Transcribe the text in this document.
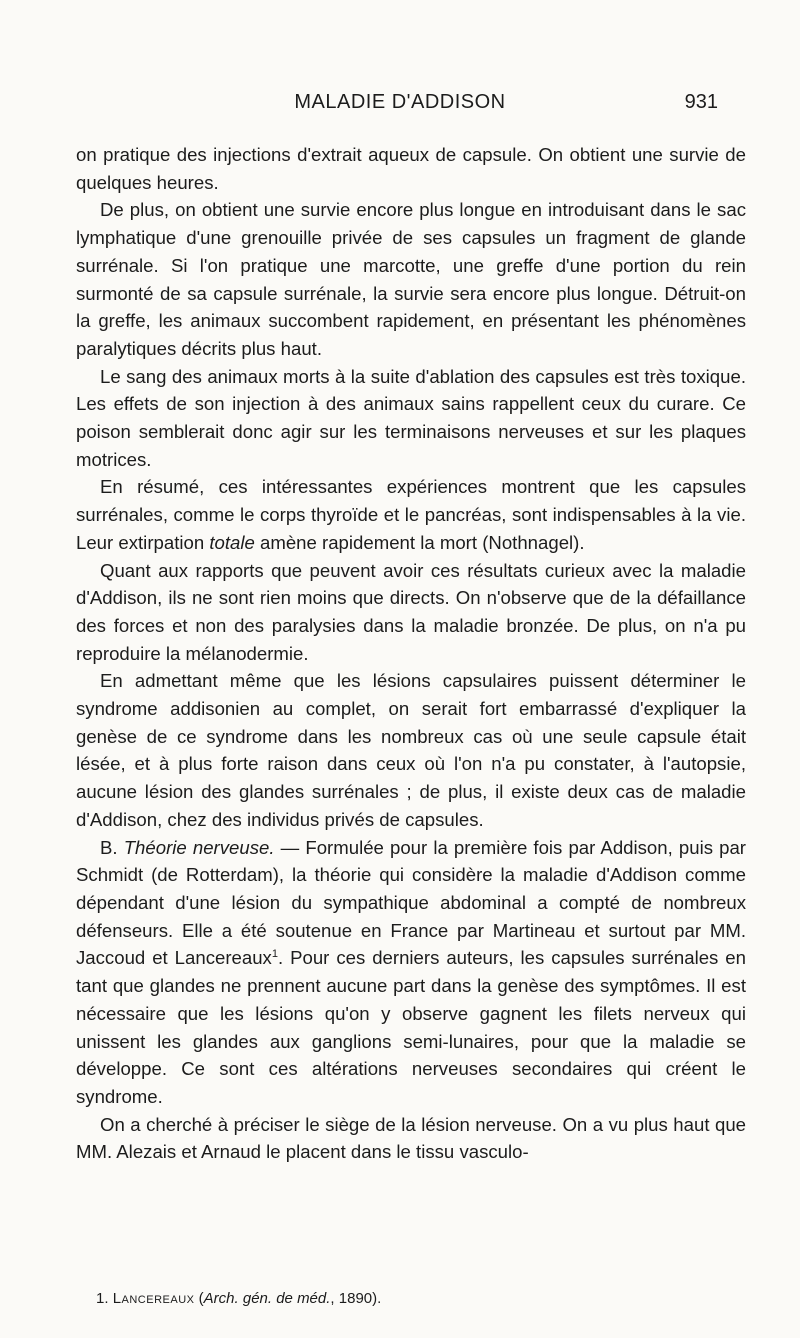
MALADIE D'ADDISON	931

on pratique des injections d'extrait aqueux de capsule. On obtient une survie de quelques heures.

De plus, on obtient une survie encore plus longue en introduisant dans le sac lymphatique d'une grenouille privée de ses capsules un fragment de glande surrénale. Si l'on pratique une marcotte, une greffe d'une portion du rein surmonté de sa capsule surrénale, la survie sera encore plus longue. Détruit-on la greffe, les animaux succombent rapidement, en présentant les phénomènes paralytiques décrits plus haut.

Le sang des animaux morts à la suite d'ablation des capsules est très toxique. Les effets de son injection à des animaux sains rappellent ceux du curare. Ce poison semblerait donc agir sur les terminaisons nerveuses et sur les plaques motrices.

En résumé, ces intéressantes expériences montrent que les capsules surrénales, comme le corps thyroïde et le pancréas, sont indispensables à la vie. Leur extirpation totale amène rapidement la mort (Nothnagel).

Quant aux rapports que peuvent avoir ces résultats curieux avec la maladie d'Addison, ils ne sont rien moins que directs. On n'observe que de la défaillance des forces et non des paralysies dans la maladie bronzée. De plus, on n'a pu reproduire la mélanodermie.

En admettant même que les lésions capsulaires puissent déterminer le syndrome addisonien au complet, on serait fort embarrassé d'expliquer la genèse de ce syndrome dans les nombreux cas où une seule capsule était lésée, et à plus forte raison dans ceux où l'on n'a pu constater, à l'autopsie, aucune lésion des glandes surrénales ; de plus, il existe deux cas de maladie d'Addison, chez des individus privés de capsules.

B. Théorie nerveuse. — Formulée pour la première fois par Addison, puis par Schmidt (de Rotterdam), la théorie qui considère la maladie d'Addison comme dépendant d'une lésion du sympathique abdominal a compté de nombreux défenseurs. Elle a été soutenue en France par Martineau et surtout par MM. Jaccoud et Lancereaux$^1$. Pour ces derniers auteurs, les capsules surrénales en tant que glandes ne prennent aucune part dans la genèse des symptômes. Il est nécessaire que les lésions qu'on y observe gagnent les filets nerveux qui unissent les glandes aux ganglions semi-lunaires, pour que la maladie se développe. Ce sont ces altérations nerveuses secondaires qui créent le syndrome.

On a cherché à préciser le siège de la lésion nerveuse. On a vu plus haut que MM. Alezais et Arnaud le placent dans le tissu vasculo-

1. Lancereaux (Arch. gén. de méd., 1890).
